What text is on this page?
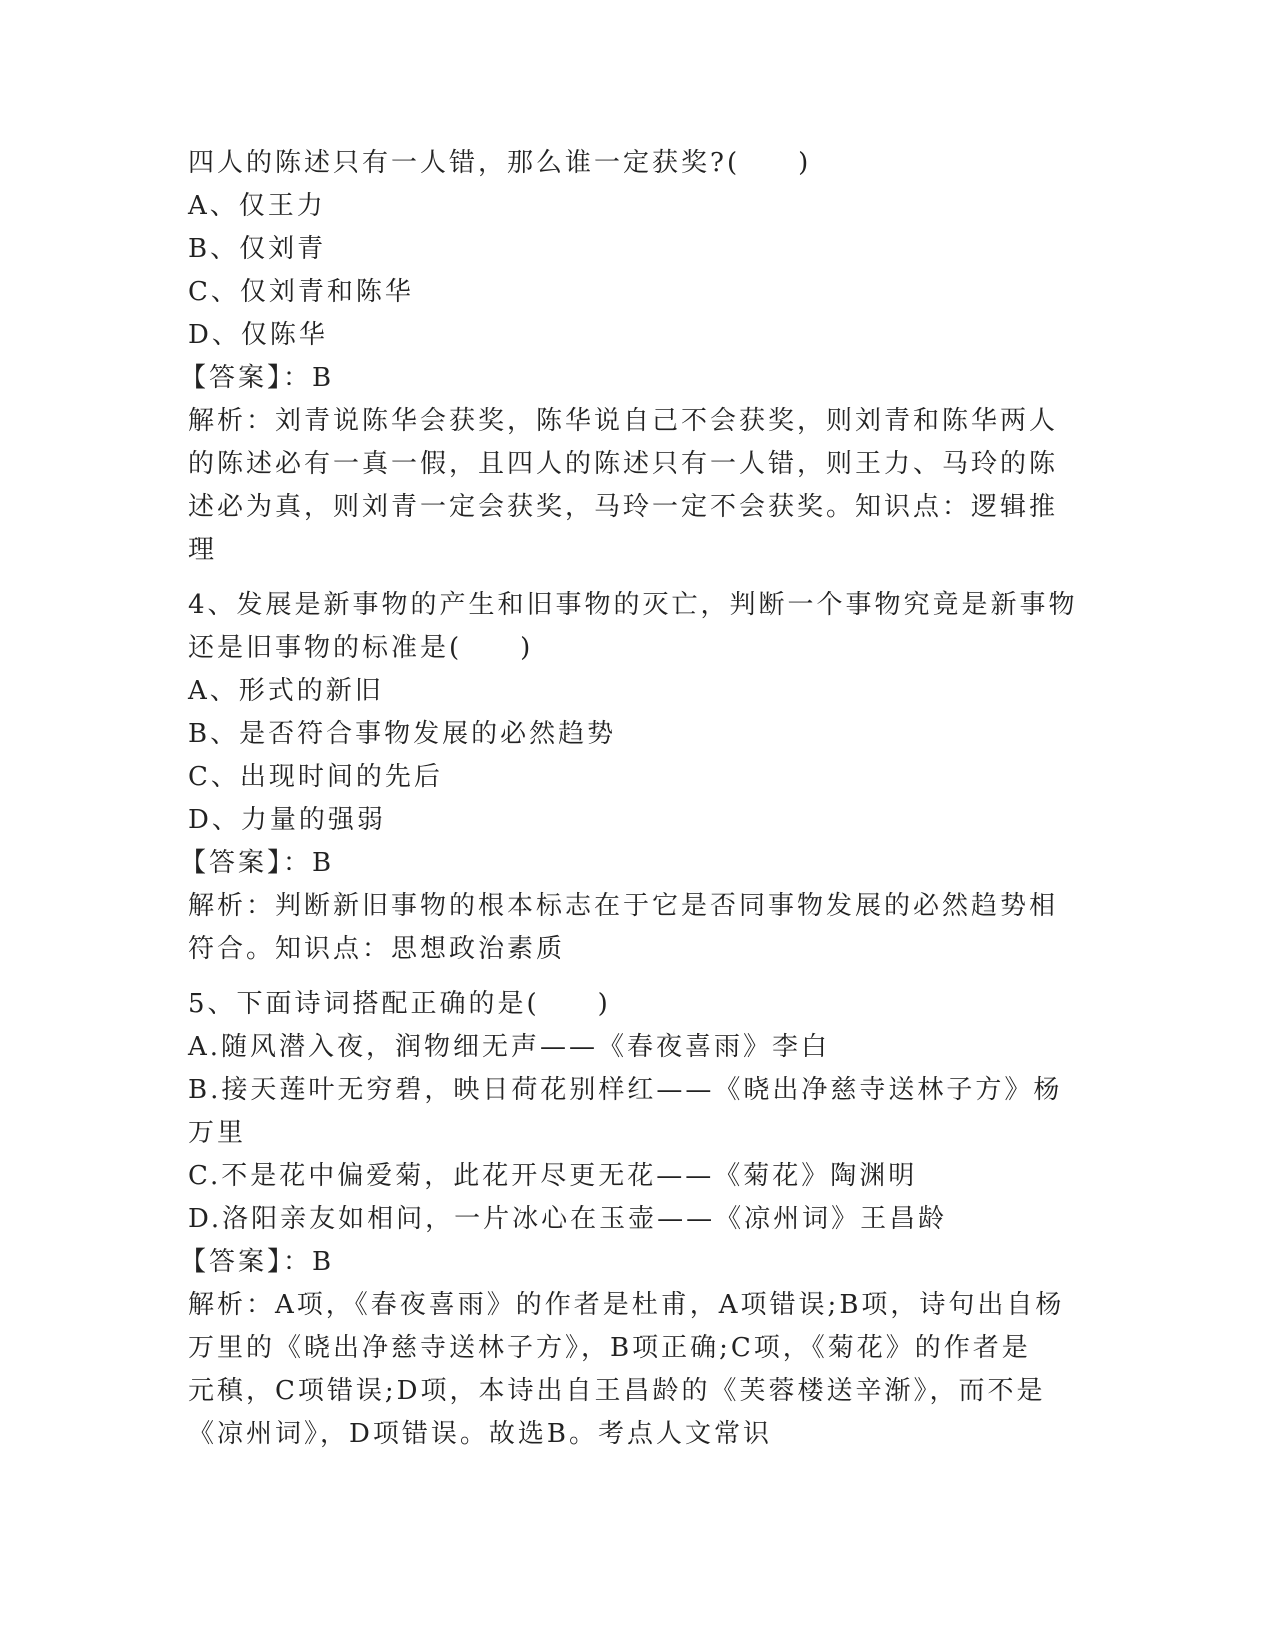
四人的陈述只有一人错，那么谁一定获奖?(　　)
A、仅王力
B、仅刘青
C、仅刘青和陈华
D、仅陈华
【答案】：B
解析：刘青说陈华会获奖，陈华说自己不会获奖，则刘青和陈华两人
的陈述必有一真一假，且四人的陈述只有一人错，则王力、马玲的陈
述必为真，则刘青一定会获奖，马玲一定不会获奖。知识点：逻辑推
理
4、发展是新事物的产生和旧事物的灭亡，判断一个事物究竟是新事物
还是旧事物的标准是(　　)
A、形式的新旧
B、是否符合事物发展的必然趋势
C、出现时间的先后
D、力量的强弱
【答案】：B
解析：判断新旧事物的根本标志在于它是否同事物发展的必然趋势相
符合。知识点：思想政治素质
5、下面诗词搭配正确的是(　　)
A.随风潜入夜，润物细无声——《春夜喜雨》李白
B.接天莲叶无穷碧，映日荷花别样红——《晓出净慈寺送林子方》杨
万里
C.不是花中偏爱菊，此花开尽更无花——《菊花》陶渊明
D.洛阳亲友如相问，一片冰心在玉壶——《凉州词》王昌龄
【答案】：B
解析：A项，《春夜喜雨》的作者是杜甫，A项错误;B项，诗句出自杨
万里的《晓出净慈寺送林子方》，B项正确;C项，《菊花》的作者是
元稹，C项错误;D项，本诗出自王昌龄的《芙蓉楼送辛渐》，而不是
《凉州词》，D项错误。故选B。考点人文常识
